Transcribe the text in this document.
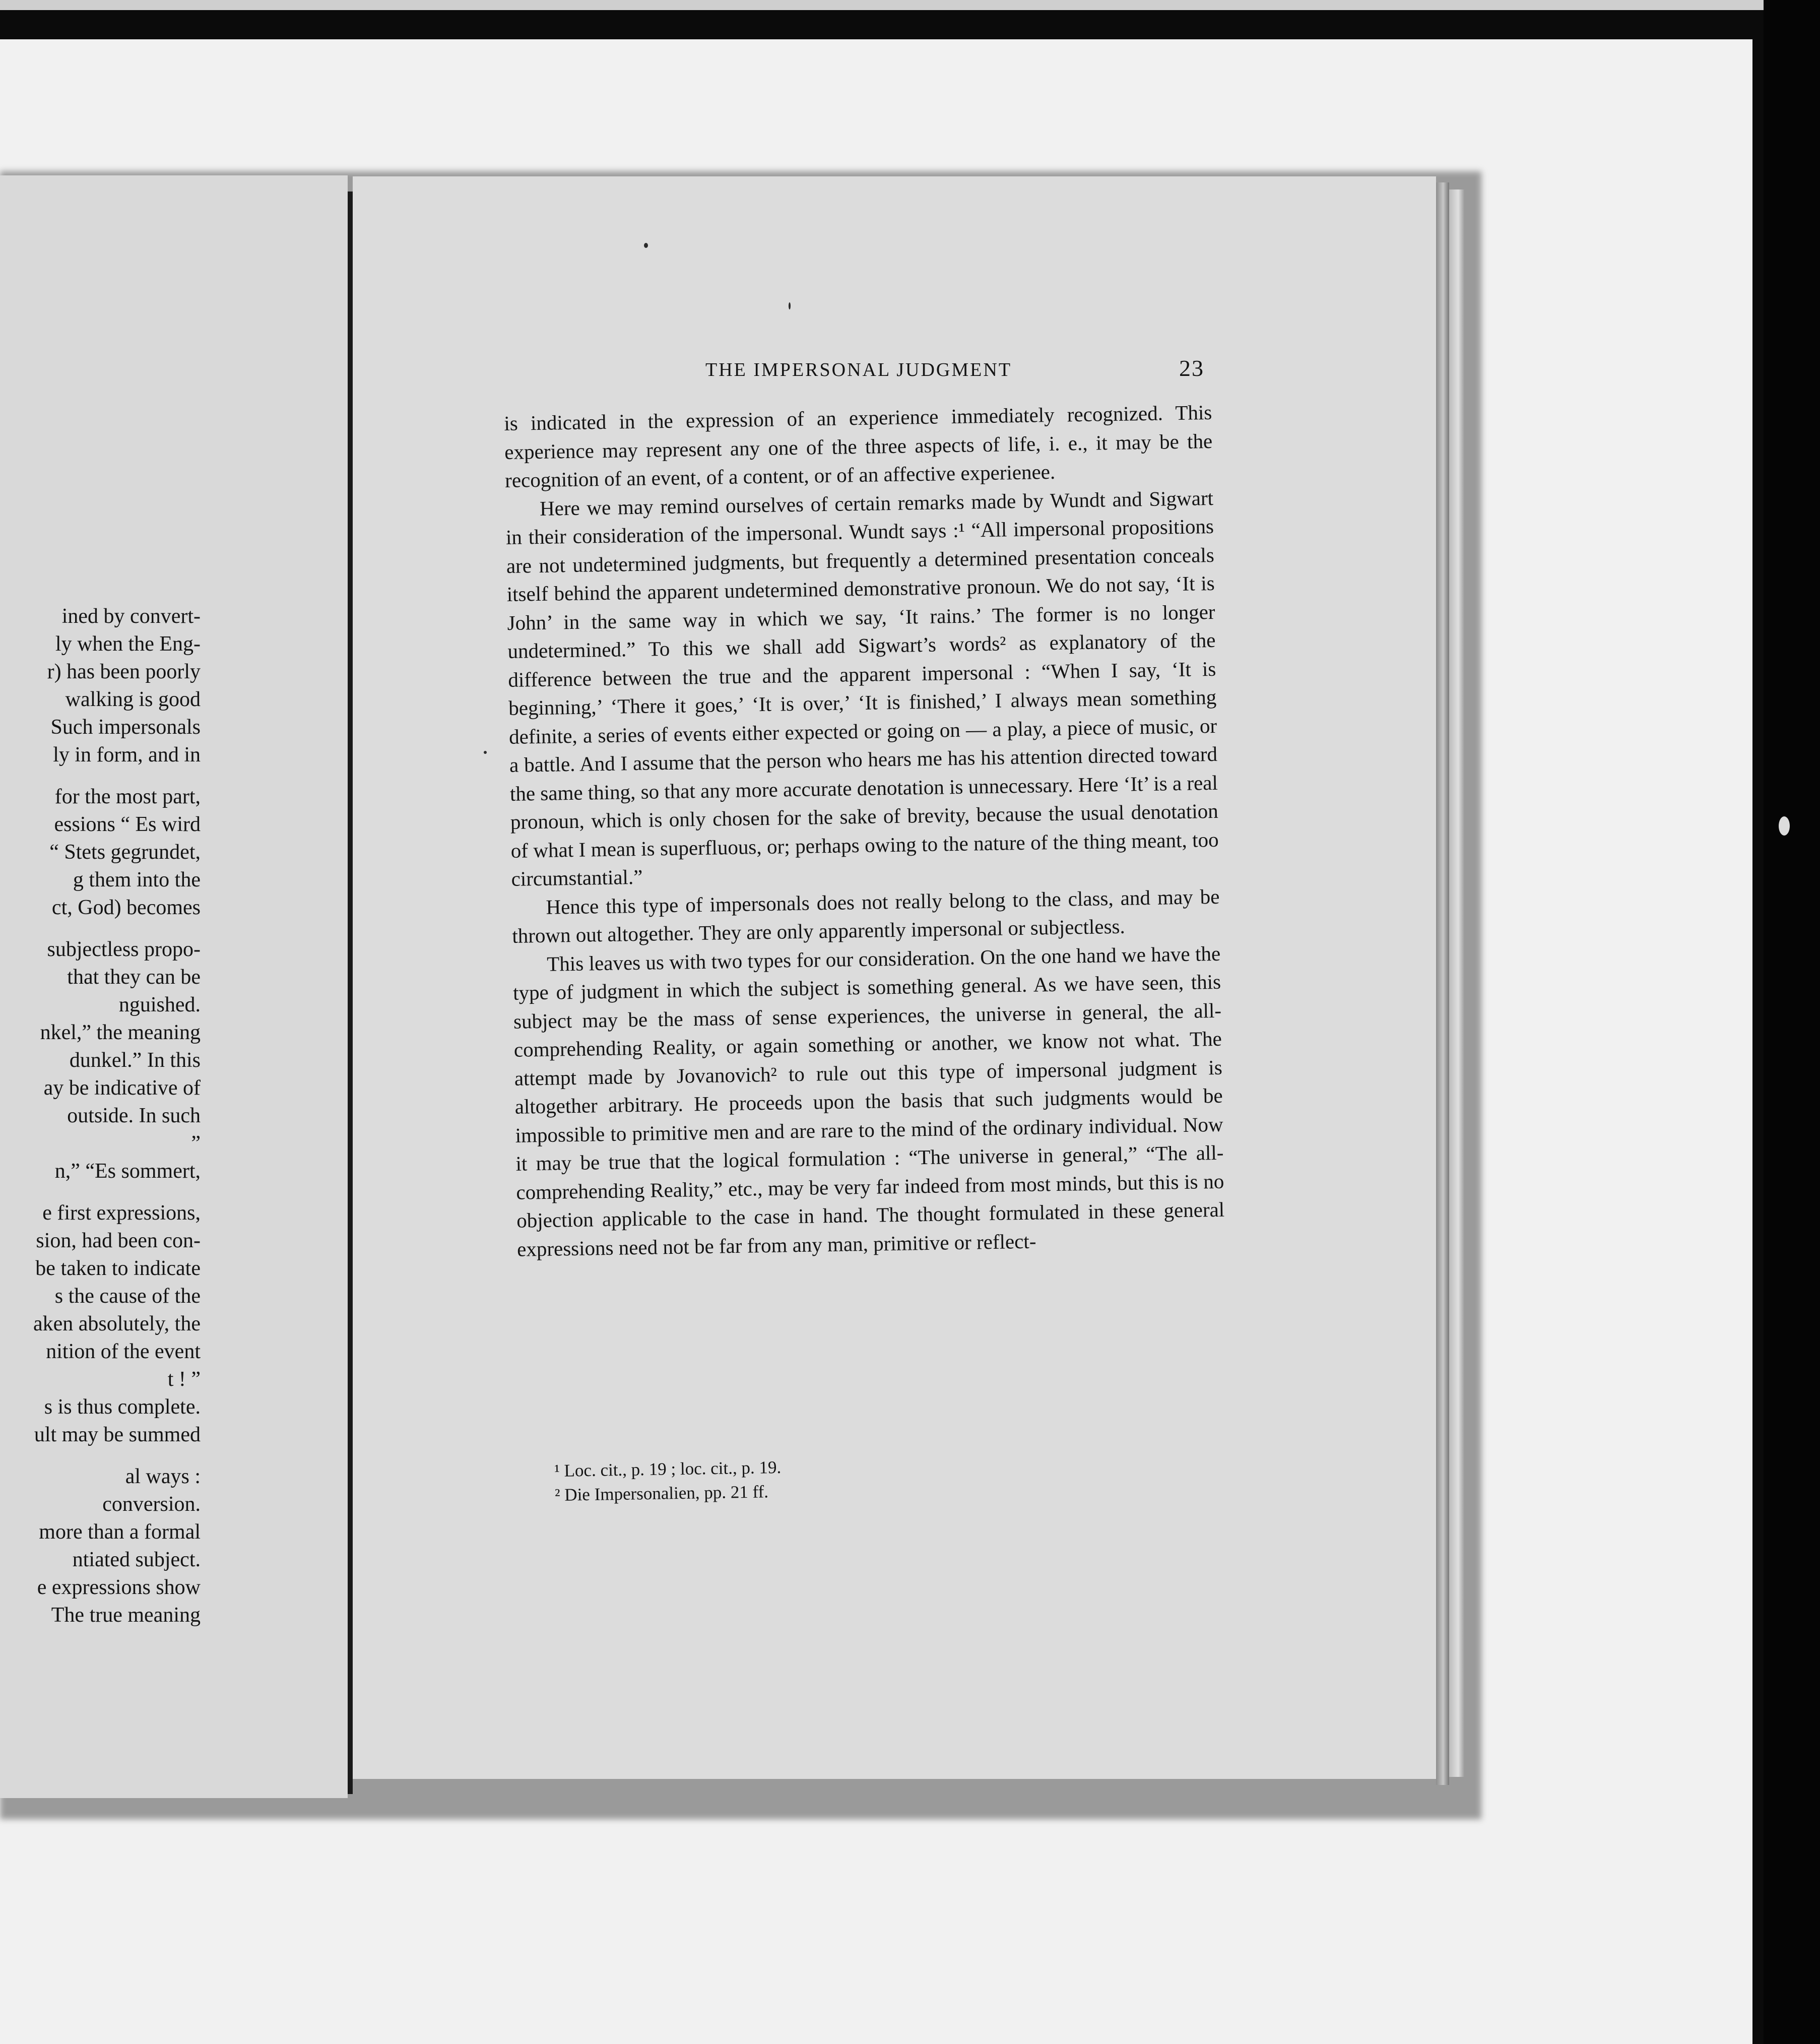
ined by convert-
ly when the Eng-
r) has been poorly
walking is good
Such impersonals
ly in form, and in
for the most part,
essions “ Es wird
“ Stets gegrundet,
g them into the
ct, God) becomes
subjectless propo-
that they can be
nguished.
nkel,” the meaning
dunkel.” In this
ay be indicative of
outside. In such
”
n,” “Es sommert,
e first expressions,
sion, had been con-
be taken to indicate
s the cause of the
aken absolutely, the
nition of the event
t ! ”
s is thus complete.
ult may be summed
al ways :
conversion.
more than a formal
ntiated subject.
e expressions show
The true meaning
THE IMPERSONAL JUDGMENT	23

is indicated in the expression of an experience immediately recognized. This experience may represent any one of the three aspects of life, i. e., it may be the recognition of an event, of a content, or of an affective experienee.

Here we may remind ourselves of certain remarks made by Wundt and Sigwart in their consideration of the impersonal. Wundt says :¹ “All impersonal propositions are not undetermined judgments, but frequently a determined presentation conceals itself behind the apparent undetermined demonstrative pronoun. We do not say, ‘It is John’ in the same way in which we say, ‘It rains.’ The former is no longer undetermined.” To this we shall add Sigwart’s words² as explanatory of the difference between the true and the apparent impersonal : “When I say, ‘It is beginning,’ ‘There it goes,’ ‘It is over,’ ‘It is finished,’ I always mean something definite, a series of events either expected or going on — a play, a piece of music, or a battle. And I assume that the person who hears me has his attention directed toward the same thing, so that any more accurate denotation is unnecessary. Here ‘It’ is a real pronoun, which is only chosen for the sake of brevity, because the usual denotation of what I mean is superfluous, or; perhaps owing to the nature of the thing meant, too circumstantial.”

Hence this type of impersonals does not really belong to the class, and may be thrown out altogether. They are only apparently impersonal or subjectless.

This leaves us with two types for our consideration. On the one hand we have the type of judgment in which the subject is something general. As we have seen, this subject may be the mass of sense experiences, the universe in general, the all-comprehending Reality, or again something or another, we know not what. The attempt made by Jovanovich² to rule out this type of impersonal judgment is altogether arbitrary. He proceeds upon the basis that such judgments would be impossible to primitive men and are rare to the mind of the ordinary individual. Now it may be true that the logical formulation : “The universe in general,” “The all-comprehending Reality,” etc., may be very far indeed from most minds, but this is no objection applicable to the case in hand. The thought formulated in these general expressions need not be far from any man, primitive or reflect-

¹ Loc. cit., p. 19 ; loc. cit., p. 19.
² Die Impersonalien, pp. 21 ff.
